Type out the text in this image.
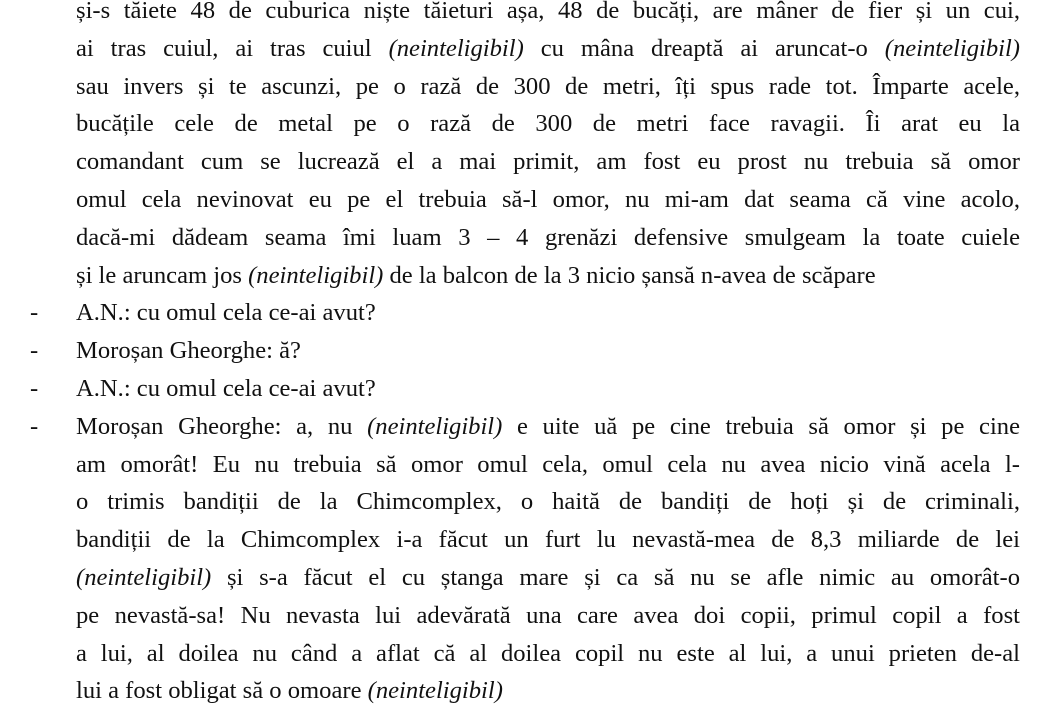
și-s tăiete 48 de cuburica niște tăieturi așa, 48 de bucăți, are mâner de fier și un cui,
ai tras cuiul, ai tras cuiul (neinteligibil) cu mâna dreaptă ai aruncat-o (neinteligibil)
sau invers și te ascunzi, pe o rază de 300 de metri, îți spus rade tot. Împarte acele,
bucățile cele de metal pe o rază de 300 de metri face ravagii. Îi arat eu la
comandant cum se lucrează el a mai primit, am fost eu prost nu trebuia să omor
omul cela nevinovat eu pe el trebuia să-l omor, nu mi-am dat seama că vine acolo,
dacă-mi dădeam seama îmi luam 3 – 4 grenăzi defensive smulgeam la toate cuiele
și le aruncam jos (neinteligibil) de la balcon de la 3 nicio șansă n-avea de scăpare
- A.N.: cu omul cela ce-ai avut?
- Moroșan Gheorghe: ă?
- A.N.: cu omul cela ce-ai avut?
- Moroșan Gheorghe: a, nu (neinteligibil) e uite uă pe cine trebuia să omor și pe cine
am omorât! Eu nu trebuia să omor omul cela, omul cela nu avea nicio vină acela l-
o trimis bandiții de la Chimcomplex, o haită de bandiți de hoți și de criminali,
bandiții de la Chimcomplex i-a făcut un furt lu nevastă-mea de 8,3 miliarde de lei
(neinteligibil) și s-a făcut el cu ștanga mare și ca să nu se afle nimic au omorât-o
pe nevastă-sa! Nu nevasta lui adevărată una care avea doi copii, primul copil a fost
a lui, al doilea nu când a aflat că al doilea copil nu este al lui, a unui prieten de-al
lui a fost obligat să o omoare (neinteligibil)
